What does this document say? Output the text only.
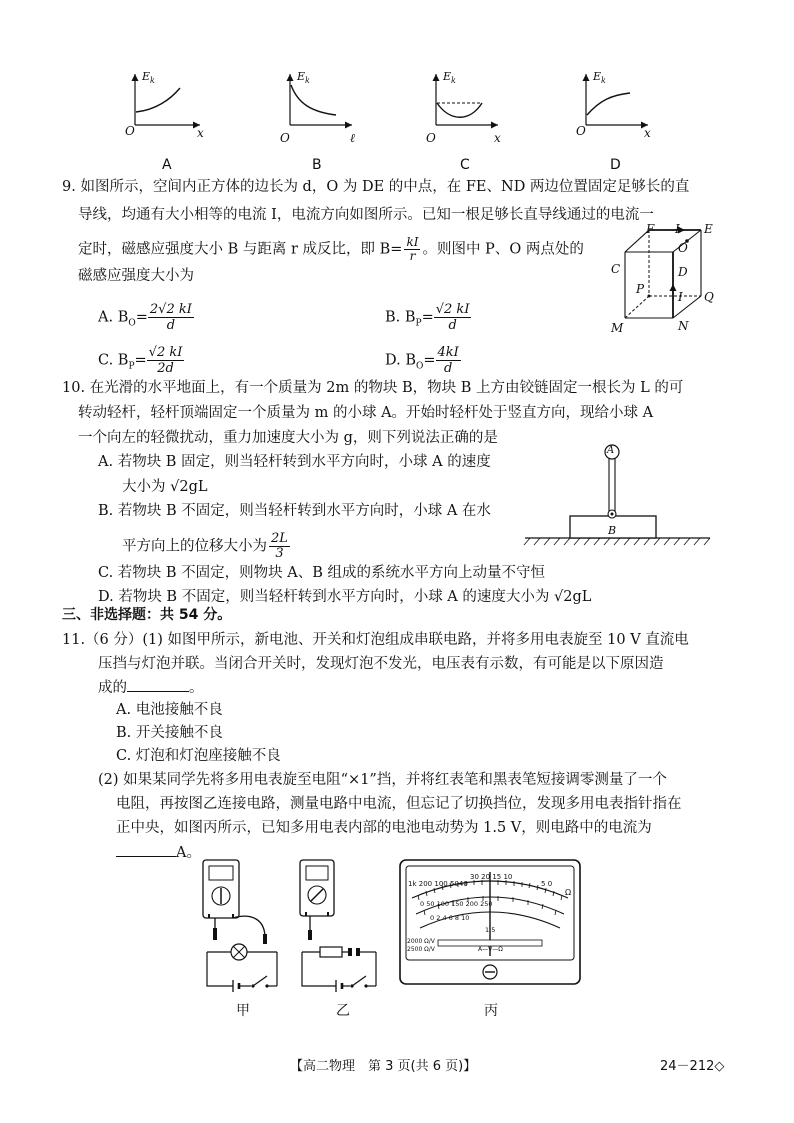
$E_k$
O	x
$E_k$
O	ℓ
$E_k$
O	x
$E_k$
O	x
A	B	C	D
9. 如图所示，空间内正方体的边长为 d，O 为 DE 的中点，在 FE、ND 两边位置固定足够长的直
导线，均通有大小相等的电流 I，电流方向如图所示。已知一根足够长直导线通过的电流一
定时，磁感应强度大小 B 与距离 r 成反比，即 $B= \frac{kI}{r}$ 。则图中 P、O 两点处的
磁感应强度大小为
A. $B_O= \frac{2√2 kI}{d}$	B. $B_P= \frac{√2 kI}{d}$
C. $B_P= \frac{√2 kI}{2d}$	D. $B_O= \frac{4kI}{d}$
F I E
O
C	D
P
I Q
M	N
10. 在光滑的水平地面上，有一个质量为 2m 的物块 B，物块 B 上方由铰链固定一根长为 L 的可
转动轻杆，轻杆顶端固定一个质量为 m 的小球 A。开始时轻杆处于竖直方向，现给小球 A
一个向左的轻微扰动，重力加速度大小为 g，则下列说法正确的是
A. 若物块 B 固定，则当轻杆转到水平方向时，小球 A 的速度
大小为 √2gL
B. 若物块 B 不固定，则当轻杆转到水平方向时，小球 A 在水
平方向上的位移大小为 $\frac{2L}{3}$
C. 若物块 B 不固定，则物块 A、B 组成的系统水平方向上动量不守恒
D. 若物块 B 不固定，则当轻杆转到水平方向时，小球 A 的速度大小为 √2gL
A
B
三、非选择题：共 54 分。
11.（6 分）(1) 如图甲所示，新电池、开关和灯泡组成串联电路，并将多用电表旋至 10 V 直流电
压挡与灯泡并联。当闭合开关时，发现灯泡不发光，电压表有示数，有可能是以下原因造
成的	。
A. 电池接触不良
B. 开关接触不良
C. 灯泡和灯泡座接触不良
(2) 如果某同学先将多用电表旋至电阻“×1”挡，并将红表笔和黑表笔短接调零测量了一个
电阻，再按图乙连接电路，测量电路中电流，但忘记了切换挡位，发现多用电表指针指在
正中央，如图丙所示，已知多用电表内部的电池电动势为 1.5 V，则电路中的电流为
A。
1k 200 100 5040
30 20 15 10
5 0
Ω
0 50 100 150 200 250
0 2 4 6 8 10
1.5
2000 Ω/V
2500 Ω/V	A—V—Ω
甲	乙	丙
【高二物理　第 3 页(共 6 页)】	24－212◇
